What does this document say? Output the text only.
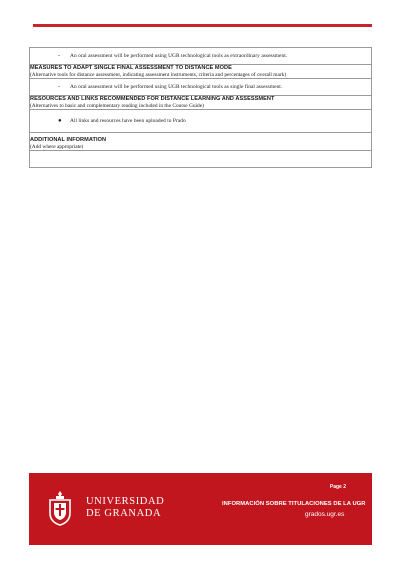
-	An oral assessment will be performed using UGR technological tools as extraordinary assessment.

MEASURES TO ADAPT SINGLE FINAL ASSESSMENT TO DISTANCE MODE
(Alternative tools for distance assessment, indicating assessment instruments, criteria and percentages of overall mark)

-	An oral assessment will be performed using UGR technological tools as single final assessment.

RESOURCES AND LINKS RECOMMENDED FOR DISTANCE LEARNING AND ASSESSMENT
(Alternatives to basic and complementary reading included in the Course Guide)

●	All links and resources have been uploaded to Prado

ADDITIONAL INFORMATION
(Add where appropriate)

UNIVERSIDAD
DE GRANADA
Page 2
INFORMACIÓN SOBRE TITULACIONES DE LA UGR
grados.ugr.es
